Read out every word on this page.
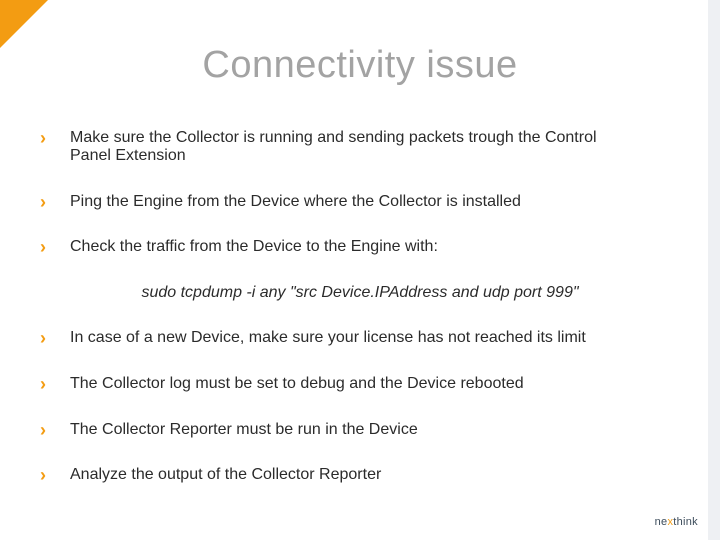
Connectivity issue
›	Make sure the Collector is running and sending packets trough the Control Panel Extension
›	Ping the Engine from the Device where the Collector is installed
›	Check the traffic from the Device to the Engine with:
sudo tcpdump -i any "src Device.IPAddress and udp port 999"
›	In case of a new Device, make sure your license has not reached its limit
›	The Collector log must be set to debug and the Device rebooted
›	The Collector Reporter must be run in the Device
›	Analyze the output of the Collector Reporter
nexthink
